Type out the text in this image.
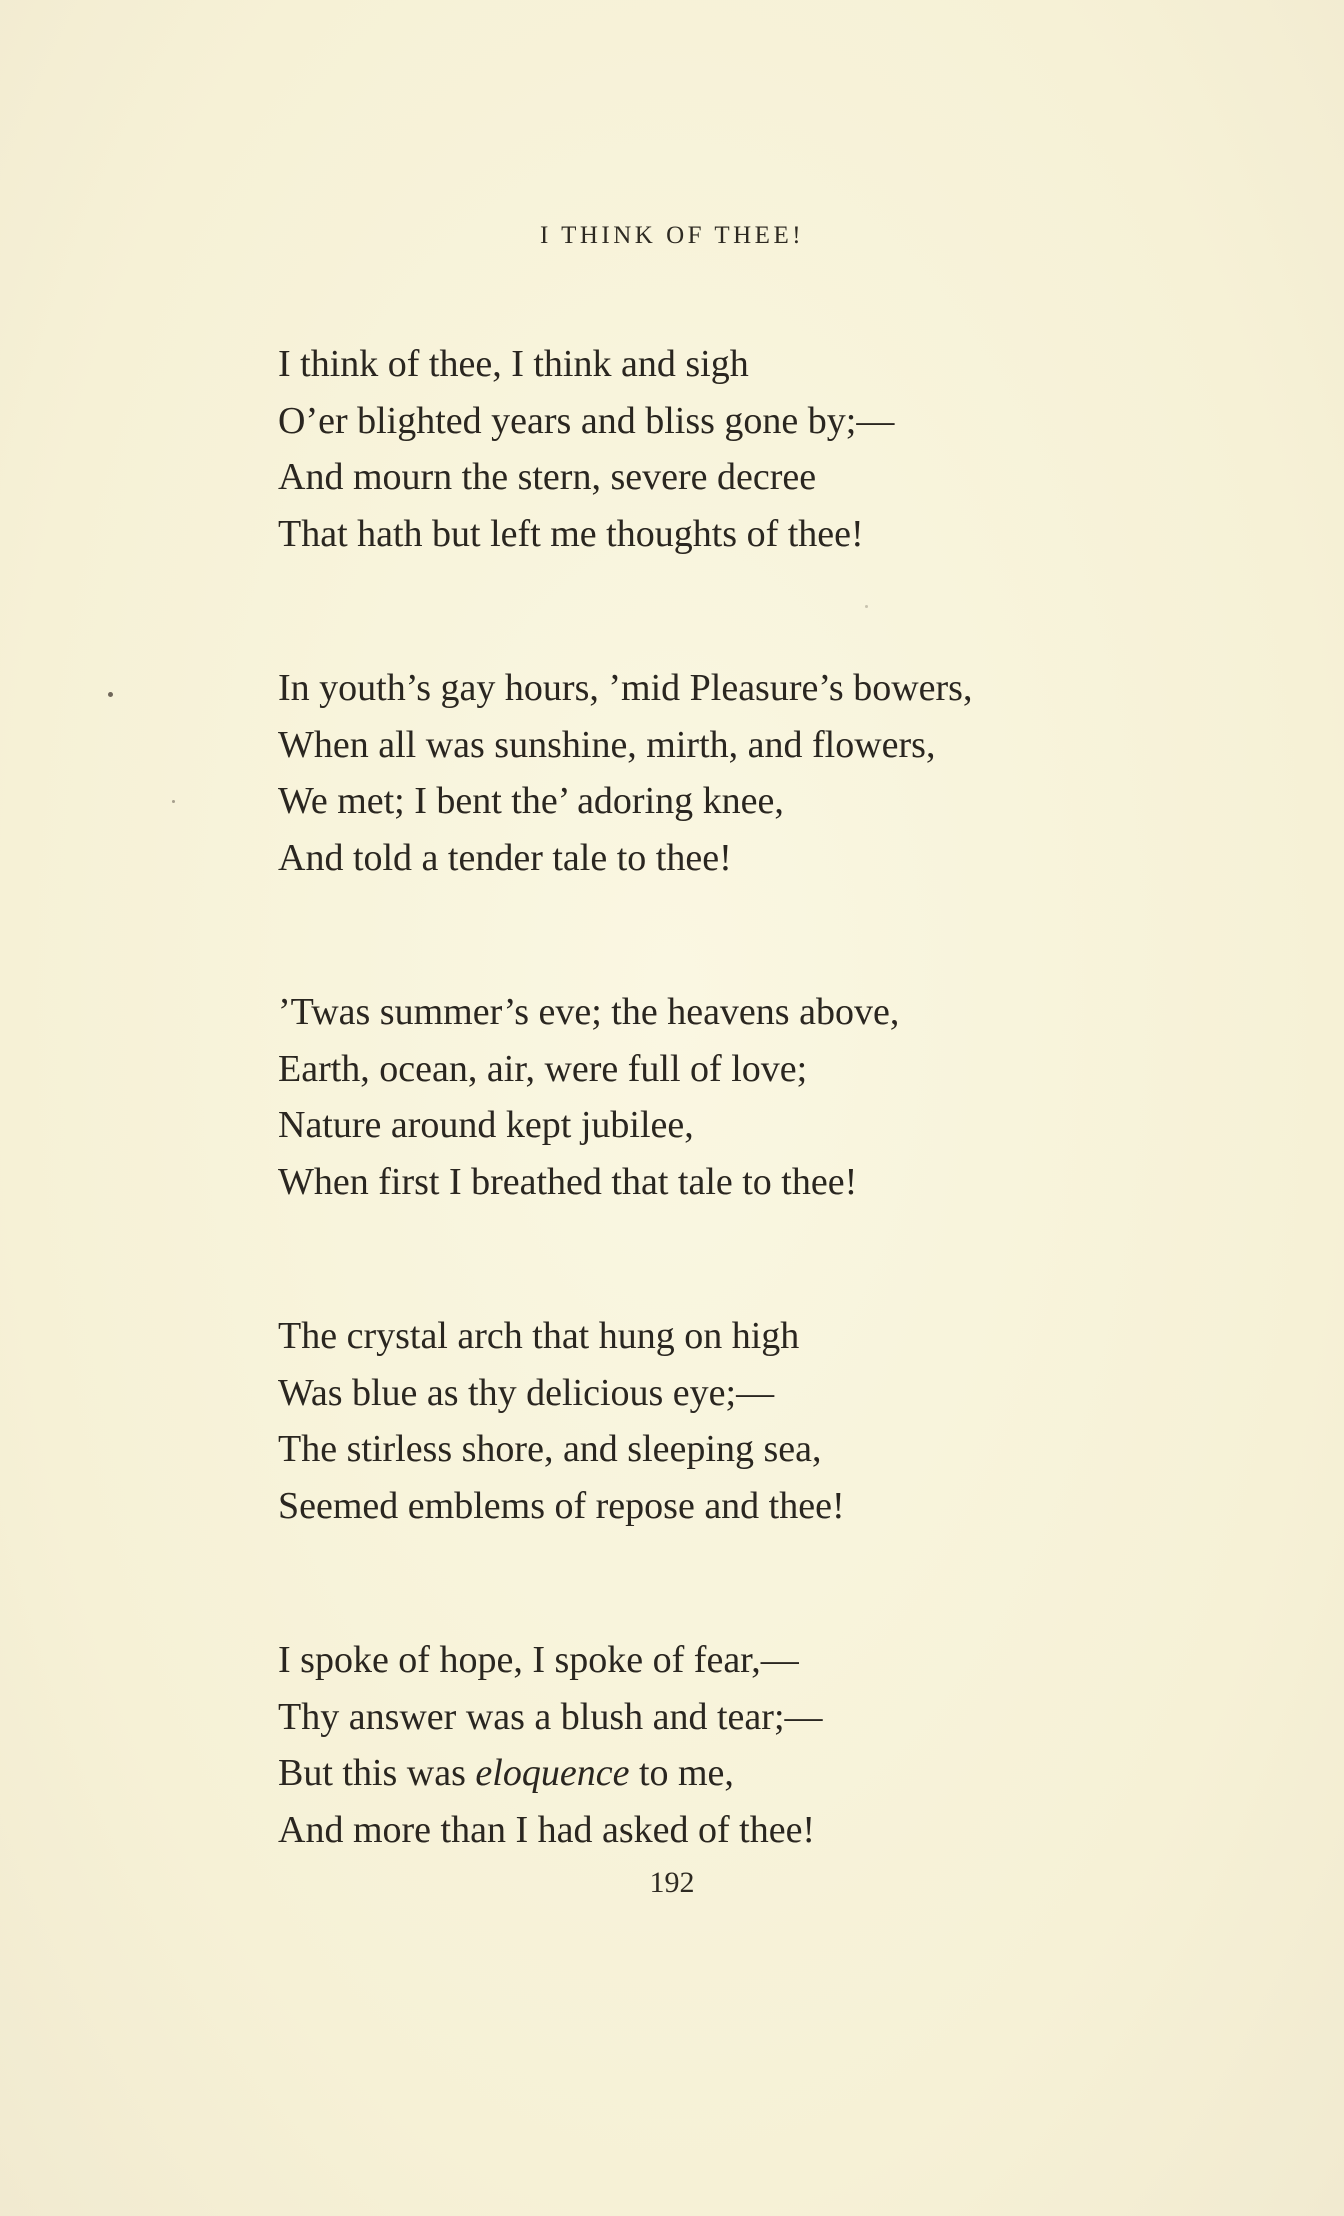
I THINK OF THEE!
I think of thee, I think and sigh
O’er blighted years and bliss gone by;—
And mourn the stern, severe decree
That hath but left me thoughts of thee!
In youth’s gay hours, ’mid Pleasure’s bowers,
When all was sunshine, mirth, and flowers,
We met; I bent the’ adoring knee,
And told a tender tale to thee!
’Twas summer’s eve; the heavens above,
Earth, ocean, air, were full of love;
Nature around kept jubilee,
When first I breathed that tale to thee!
The crystal arch that hung on high
Was blue as thy delicious eye;—
The stirless shore, and sleeping sea,
Seemed emblems of repose and thee!
I spoke of hope, I spoke of fear,—
Thy answer was a blush and tear;—
But this was eloquence to me,
And more than I had asked of thee!
192
